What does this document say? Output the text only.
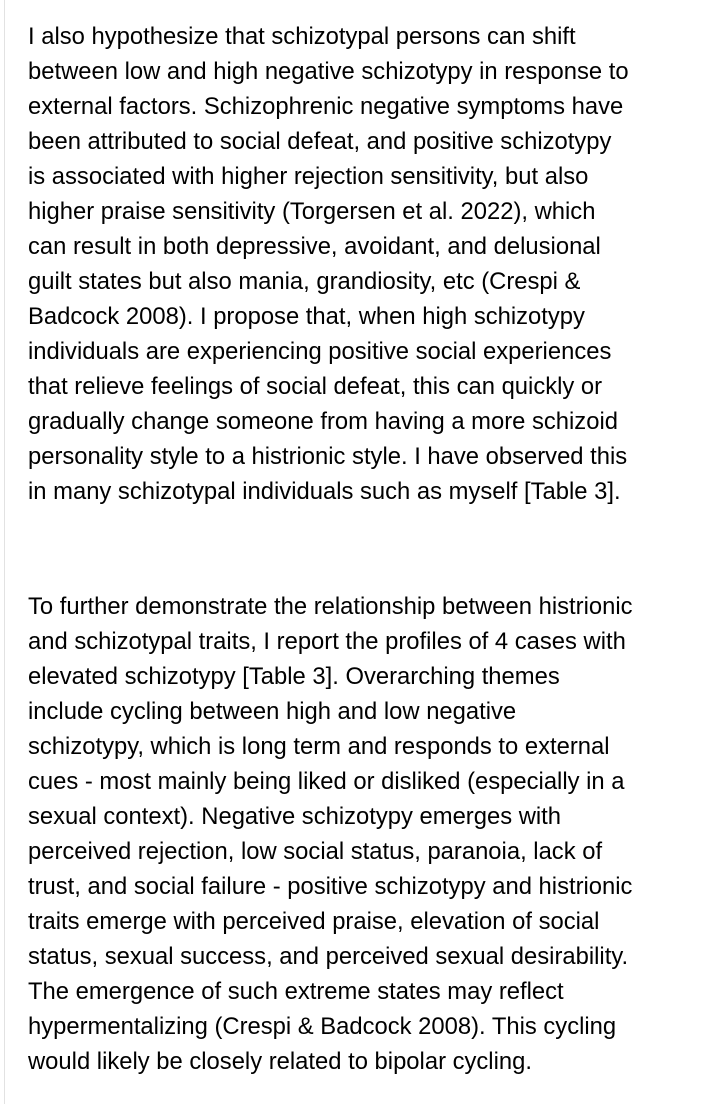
I also hypothesize that schizotypal persons can shift
between low and high negative schizotypy in response to
external factors. Schizophrenic negative symptoms have
been attributed to social defeat, and positive schizotypy
is associated with higher rejection sensitivity, but also
higher praise sensitivity (Torgersen et al. 2022), which
can result in both depressive, avoidant, and delusional
guilt states but also mania, grandiosity, etc (Crespi &
Badcock 2008). I propose that, when high schizotypy
individuals are experiencing positive social experiences
that relieve feelings of social defeat, this can quickly or
gradually change someone from having a more schizoid
personality style to a histrionic style. I have observed this
in many schizotypal individuals such as myself [Table 3].
To further demonstrate the relationship between histrionic
and schizotypal traits, I report the profiles of 4 cases with
elevated schizotypy [Table 3]. Overarching themes
include cycling between high and low negative
schizotypy, which is long term and responds to external
cues - most mainly being liked or disliked (especially in a
sexual context). Negative schizotypy emerges with
perceived rejection, low social status, paranoia, lack of
trust, and social failure - positive schizotypy and histrionic
traits emerge with perceived praise, elevation of social
status, sexual success, and perceived sexual desirability.
The emergence of such extreme states may reflect
hypermentalizing (Crespi & Badcock 2008). This cycling
would likely be closely related to bipolar cycling.
